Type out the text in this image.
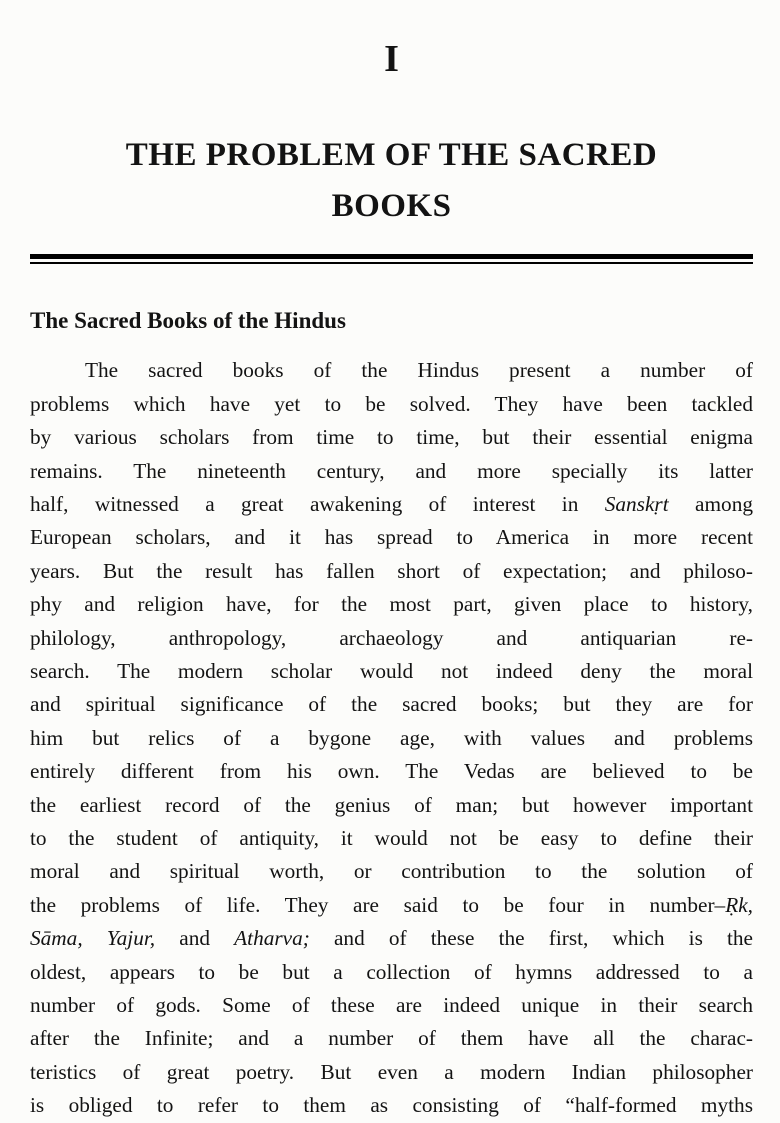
I
THE PROBLEM OF THE SACRED
BOOKS
The Sacred Books of the Hindus
The sacred books of the Hindus present a number of
problems which have yet to be solved. They have been tackled
by various scholars from time to time, but their essential enigma
remains. The nineteenth century, and more specially its latter
half, witnessed a great awakening of interest in Sanskṛt among
European scholars, and it has spread to America in more recent
years. But the result has fallen short of expectation; and philoso-
phy and religion have, for the most part, given place to history,
philology, anthropology, archaeology and antiquarian re-
search. The modern scholar would not indeed deny the moral
and spiritual significance of the sacred books; but they are for
him but relics of a bygone age, with values and problems
entirely different from his own. The Vedas are believed to be
the earliest record of the genius of man; but however important
to the student of antiquity, it would not be easy to define their
moral and spiritual worth, or contribution to the solution of
the problems of life. They are said to be four in number–Ṛk,
Sāma, Yajur, and Atharva; and of these the first, which is the
oldest, appears to be but a collection of hymns addressed to a
number of gods. Some of these are indeed unique in their search
after the Infinite; and a number of them have all the charac-
teristics of great poetry. But even a modern Indian philosopher
is obliged to refer to them as consisting of “half-formed myths
